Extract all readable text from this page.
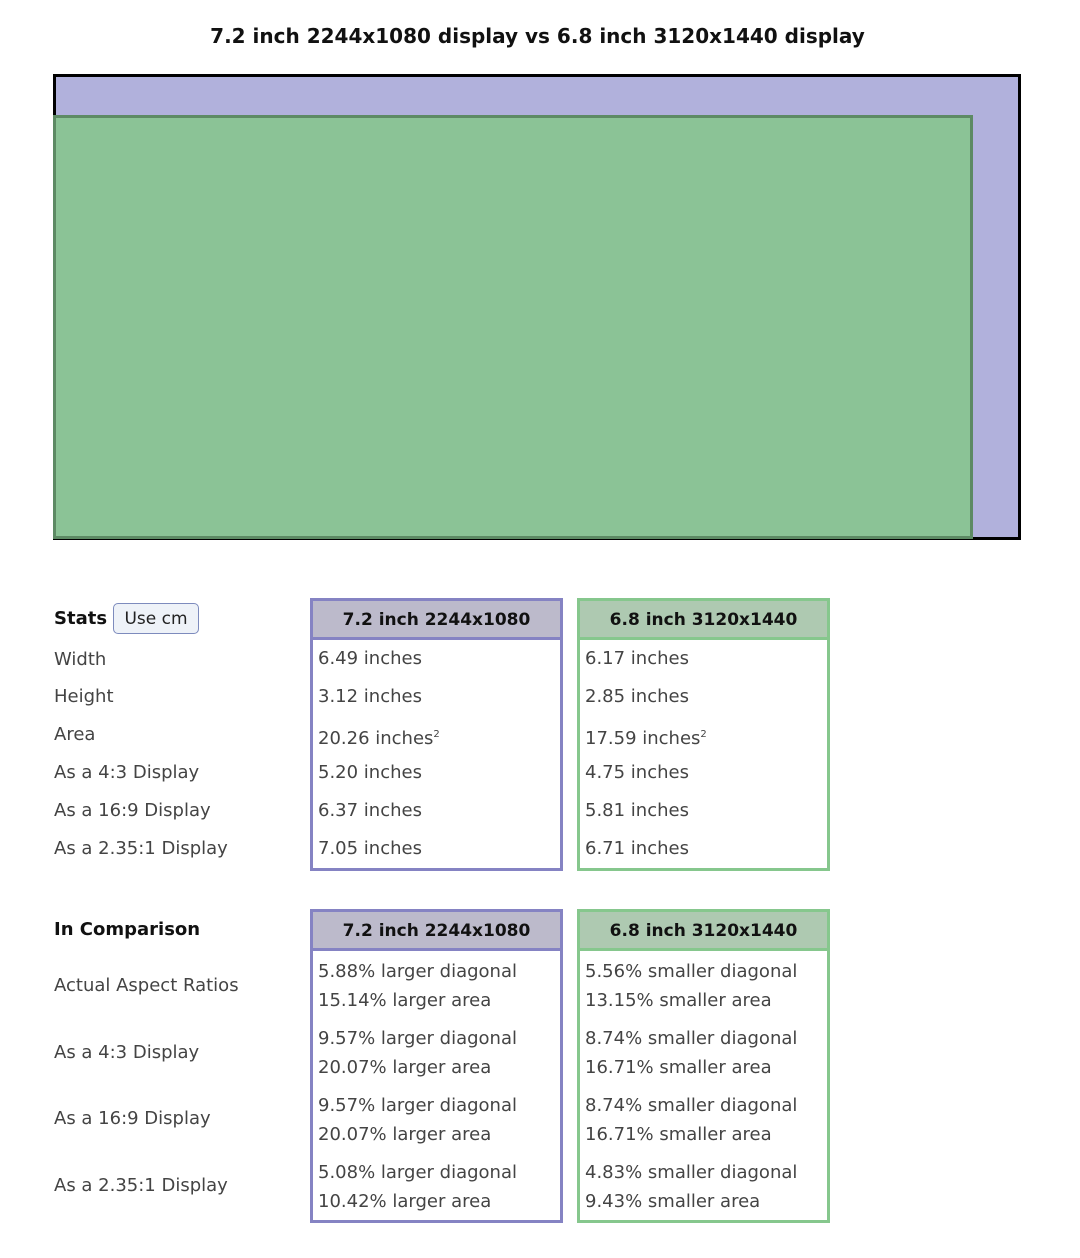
7.2 inch 2244x1080 display vs 6.8 inch 3120x1440 display
Stats	Use cm
Width
Height
Area
As a 4:3 Display
As a 16:9 Display
As a 2.35:1 Display
7.2 inch 2244x1080
6.49 inches
3.12 inches
20.26 inches$^2$
5.20 inches
6.37 inches
7.05 inches
6.8 inch 3120x1440
6.17 inches
2.85 inches
17.59 inches$^2$
4.75 inches
5.81 inches
6.71 inches
In Comparison
Actual Aspect Ratios
As a 4:3 Display
As a 16:9 Display
As a 2.35:1 Display
7.2 inch 2244x1080
5.88% larger diagonal
15.14% larger area
9.57% larger diagonal
20.07% larger area
9.57% larger diagonal
20.07% larger area
5.08% larger diagonal
10.42% larger area
6.8 inch 3120x1440
5.56% smaller diagonal
13.15% smaller area
8.74% smaller diagonal
16.71% smaller area
8.74% smaller diagonal
16.71% smaller area
4.83% smaller diagonal
9.43% smaller area
